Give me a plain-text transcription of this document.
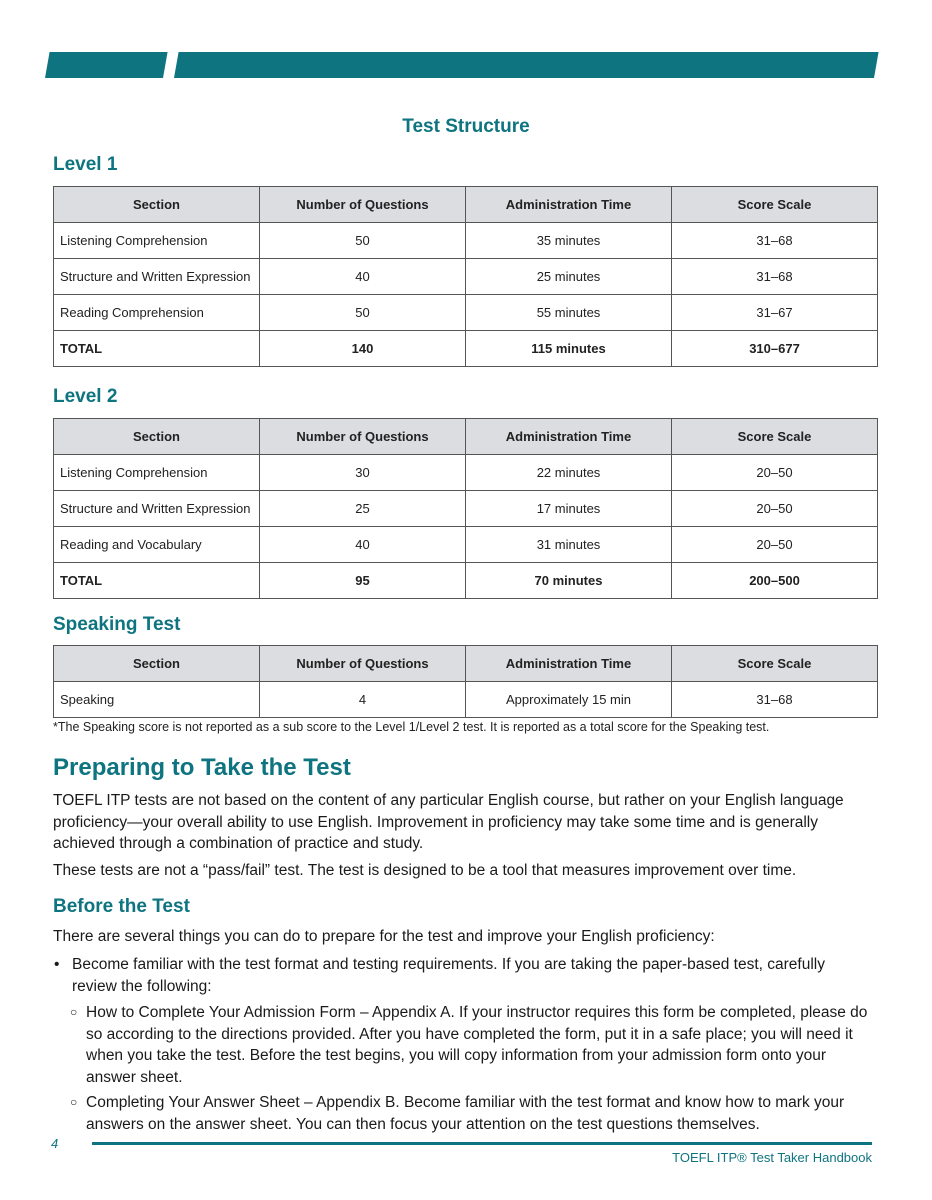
Test Structure
Level 1
Section	Number of Questions	Administration Time	Score Scale
Listening Comprehension	50	35 minutes	31–68
Structure and Written Expression	40	25 minutes	31–68
Reading Comprehension	50	55 minutes	31–67
TOTAL	140	115 minutes	310–677
Level 2
Section	Number of Questions	Administration Time	Score Scale
Listening Comprehension	30	22 minutes	20–50
Structure and Written Expression	25	17 minutes	20–50
Reading and Vocabulary	40	31 minutes	20–50
TOTAL	95	70 minutes	200–500
Speaking Test
Section	Number of Questions	Administration Time	Score Scale
Speaking	4	Approximately 15 min	31–68
*The Speaking score is not reported as a sub score to the Level 1/Level 2 test. It is reported as a total score for the Speaking test.
Preparing to Take the Test

TOEFL ITP tests are not based on the content of any particular English course, but rather on your English language proficiency—your overall ability to use English. Improvement in proficiency may take some time and is generally achieved through a combination of practice and study.

These tests are not a “pass/fail” test. The test is designed to be a tool that measures improvement over time.

Before the Test

There are several things you can do to prepare for the test and improve your English proficiency:

• Become familiar with the test format and testing requirements. If you are taking the paper-based test, carefully review the following:
○ How to Complete Your Admission Form – Appendix A. If your instructor requires this form be completed, please do so according to the directions provided. After you have completed the form, put it in a safe place; you will need it when you take the test. Before the test begins, you will copy information from your admission form onto your answer sheet.
○ Completing Your Answer Sheet – Appendix B. Become familiar with the test format and know how to mark your answers on the answer sheet. You can then focus your attention on the test questions themselves.
4
TOEFL ITP® Test Taker Handbook
